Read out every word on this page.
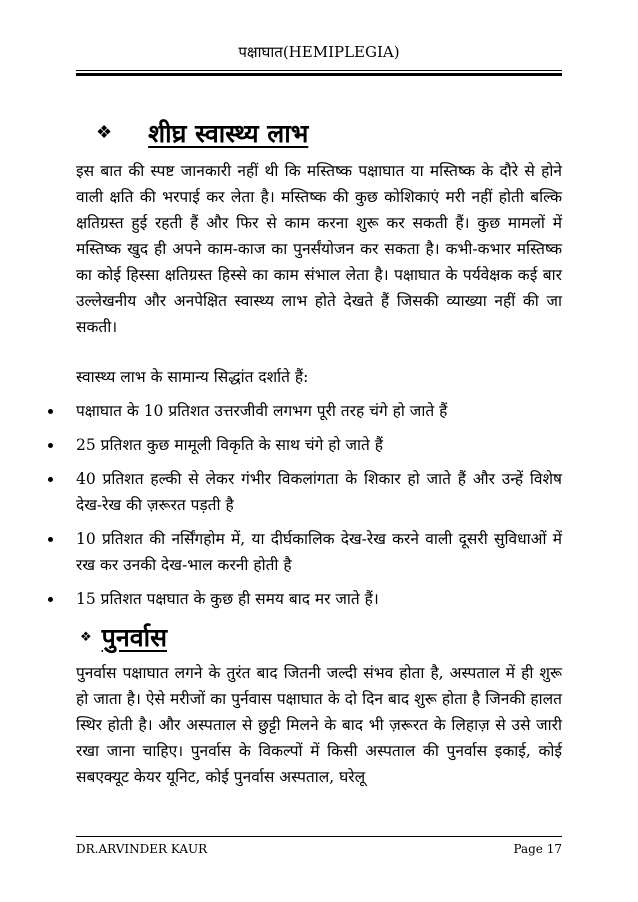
पक्षाघात(HEMIPLEGIA)
❖ शीघ्र स्वास्थ्य लाभ

इस बात की स्पष्ट जानकारी नहीं थी कि मस्तिष्क पक्षाघात या मस्तिष्क के दौरे से होने वाली क्षति की भरपाई कर लेता है। मस्तिष्क की कुछ कोशिकाएं मरी नहीं होती बल्कि क्षतिग्रस्त हुई रहती हैं और फिर से काम करना शुरू कर सकती हैं। कुछ मामलों में मस्तिष्क खुद ही अपने काम-काज का पुनर्संयोजन कर सकता है। कभी-कभार मस्तिष्क का कोई हिस्सा क्षतिग्रस्त हिस्से का काम संभाल लेता है। पक्षाघात के पर्यवेक्षक कई बार उल्लेखनीय और अनपेक्षित स्वास्थ्य लाभ होते देखते हैं जिसकी व्याख्या नहीं की जा सकती।

स्वास्थ्य लाभ के सामान्य सिद्धांत दर्शाते हैं:

पक्षाघात के 10 प्रतिशत उत्तरजीवी लगभग पूरी तरह चंगे हो जाते हैं
25 प्रतिशत कुछ मामूली विकृति के साथ चंगे हो जाते हैं
40 प्रतिशत हल्की से लेकर गंभीर विकलांगता के शिकार हो जाते हैं और उन्हें विशेष देख-रेख की ज़रूरत पड़ती है
10 प्रतिशत की नर्सिंगहोम में, या दीर्घकालिक देख-रेख करने वाली दूसरी सुविधाओं में रख कर उनकी देख-भाल करनी होती है
15 प्रतिशत पक्षघात के कुछ ही समय बाद मर जाते हैं।
❖ पुनर्वास

पुनर्वास पक्षाघात लगने के तुरंत बाद जितनी जल्दी संभव होता है, अस्पताल में ही शुरू हो जाता है। ऐसे मरीजों का पुर्नवास पक्षाघात के दो दिन बाद शुरू होता है जिनकी हालत स्थिर होती है। और अस्पताल से छुट्टी मिलने के बाद भी ज़रूरत के लिहाज़ से उसे जारी रखा जाना चाहिए। पुनर्वास के विकल्पों में किसी अस्पताल की पुनर्वास इकाई, कोई सबएक्यूट केयर यूनिट, कोई पुनर्वास अस्पताल, घरेलू

DR.ARVINDER KAUR	Page 17
